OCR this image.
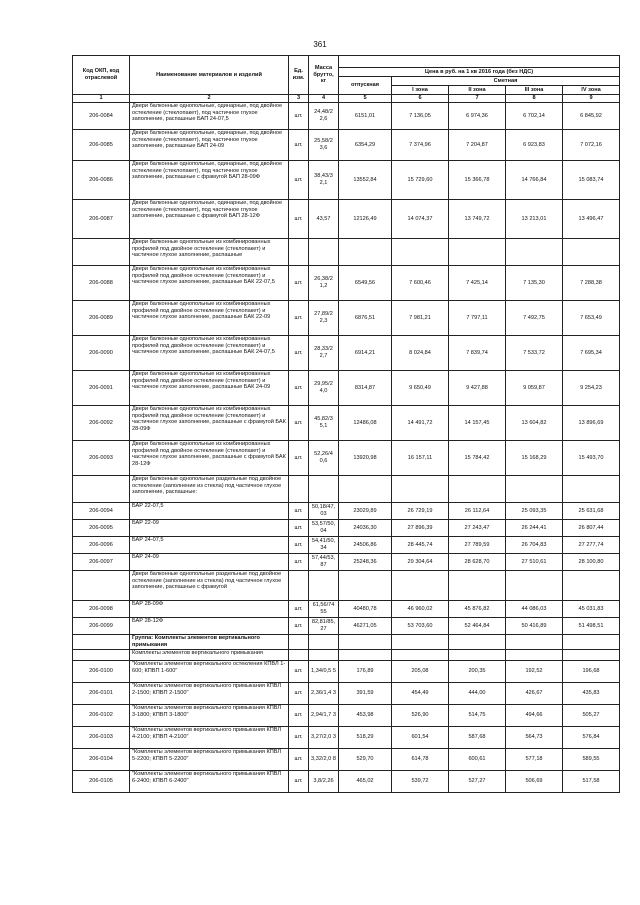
361
Код ОКП, код отраслевой	Наименование материалов и изделий	Ед. изм.	Масса брутто, кг					
				Цена в руб. на 1 кв 2016 года (без НДС)				
				отпускная	Сметная			
					I зона	II зона	III зона	IV зона
1	2	3	4	5	6	7	8	9
206-0084	Двери балконные однопольные, одинарные, под двойное остекление (стеклопакет), под частичное глухое заполнение, распашные БАП 24-07,5	шт.	24,48/2 2,6	6151,01	7 136,05	6 974,36	6 702,14	6 845,92
206-0085	Двери балконные однопольные, одинарные, под двойное остекление (стеклопакет), под частичное глухое заполнение, распашные БАП 24-09	шт.	25,58/2 3,6	6354,29	7 374,96	7 204,87	6 923,83	7 072,16
206-0086	Двери балконные однопольные, одинарные, под двойное остекление (стеклопакет), под частичное глухое заполнение, распашные с фрамугой БАП 28-09Ф	шт.	38,43/3 2,1	13552,84	15 729,60	15 366,78	14 766,84	15 083,74
206-0087	Двери балконные однопольные, одинарные, под двойное остекление (стеклопакет), под частичное глухое заполнение, распашные с фрамугой БАП 28-12Ф	шт.	43,57	12126,49	14 074,37	13 749,72	13 213,01	13 496,47
	Двери балконные однопольные из комбинированных профилей под двойное остекление (стеклопакет) и частичное глухое заполнение, распашные							
206-0088	Двери балконные однопольные из комбинированных профилей под двойное остекление (стеклопакет) и частичное глухое заполнение, распашные БАК 22-07,5	шт.	26,38/2 1,2	6549,56	7 600,46	7 425,14	7 135,30	7 288,38
206-0089	Двери балконные однопольные из комбинированных профилей под двойное остекление (стеклопакет) и частичное глухое заполнение, распашные БАК 22-09	шт.	27,89/2 2,3	6876,51	7 981,21	7 797,11	7 492,75	7 653,49
206-0090	Двери балконные однопольные из комбинированных профилей под двойное остекление (стеклопакет) и частичное глухое заполнение, распашные БАК 24-07,5	шт.	28,33/2 2,7	6914,21	8 024,84	7 839,74	7 533,72	7 695,34
206-0091	Двери балконные однопольные из комбинированных профилей под двойное остекление (стеклопакет) и частичное глухое заполнение, распашные БАК 24-09	шт.	29,95/2 4,0	8314,87	9 650,49	9 427,88	9 059,87	9 254,23
206-0092	Двери балконные однопольные из комбинированных профилей под двойное остекление (стеклопакет) и частичное глухое заполнение, распашные с фрамугой БАК 28-09Ф	шт.	45,82/3 5,1	12486,08	14 491,72	14 157,45	13 604,82	13 896,69
206-0093	Двери балконные однопольные из комбинированных профилей под двойное остекление (стеклопакет) и частичное глухое заполнение, распашные с фрамугой БАК 28-12Ф	шт.	52,26/4 0,6	13920,98	16 157,11	15 784,42	15 168,29	15 493,70
	Двери балконные однопольные раздельные под двойное остекление (заполнение из стекла) под частичное глухое заполнение, распашные:							
206-0094	БАР 22-07,5	шт.	50,18/47, 03	23029,89	26 729,19	26 112,64	25 093,35	25 631,68
206-0095	БАР 22-09	шт.	53,57/50, 04	24036,30	27 896,39	27 243,47	26 244,41	26 807,44
206-0096	БАР 24-07,5	шт.	54,41/50, 34	24506,86	28 445,74	27 789,59	26 704,83	27 277,74
206-0097	БАР 24-09	шт.	57,44/53, 87	25248,36	29 304,64	28 628,70	27 510,61	28 100,80
	Двери балконные однопольные раздельные под двойное остекление (заполнение из стекла) под частичное глухое заполнение, распашные с фрамугой							
206-0098	БАР 28-09Ф	шт.	61,56/74 55	40480,78	46 960,02	45 876,82	44 086,03	45 031,83
206-0099	БАР 28-12Ф	шт.	82,81/85, 27	46271,05	53 703,60	52 464,84	50 416,89	51 498,51
	Группа: Комплекты элементов вертикального примыкания							
	Комплекты элементов вертикального примыкания							
206-0100	"Комплекты элементов вертикального остекления КПВЛ 1-600; КПВП 1-600"	шт.	1,34/0,5 5	176,89	205,08	200,35	192,52	196,68
206-0101	"Комплекты элементов вертикального примыкания КПВЛ 2-1500; КПВП 2-1500"	шт.	2,36/1,4 3	391,59	454,49	444,00	426,67	435,83
206-0102	"Комплекты элементов вертикального примыкания КПВЛ 3-1800; КПВП 3-1800"	шт.	2,94/1,7 3	453,98	526,90	514,75	494,66	505,27
206-0103	"Комплекты элементов вертикального примыкания КПВЛ 4-2100; КПВП 4-2100"	шт.	3,27/2,0 3	518,29	601,54	587,68	564,73	576,84
206-0104	"Комплекты элементов вертикального примыкания КПВЛ 5-2200; КПВП 5-2200"	шт.	3,32/2,0 8	529,70	614,78	600,61	577,18	589,55
206-0105	"Комплекты элементов вертикального примыкания КПВЛ 6-2400; КПВП 6-2400"	шт.	3,8/2,26	465,02	539,72	527,27	506,69	517,58
